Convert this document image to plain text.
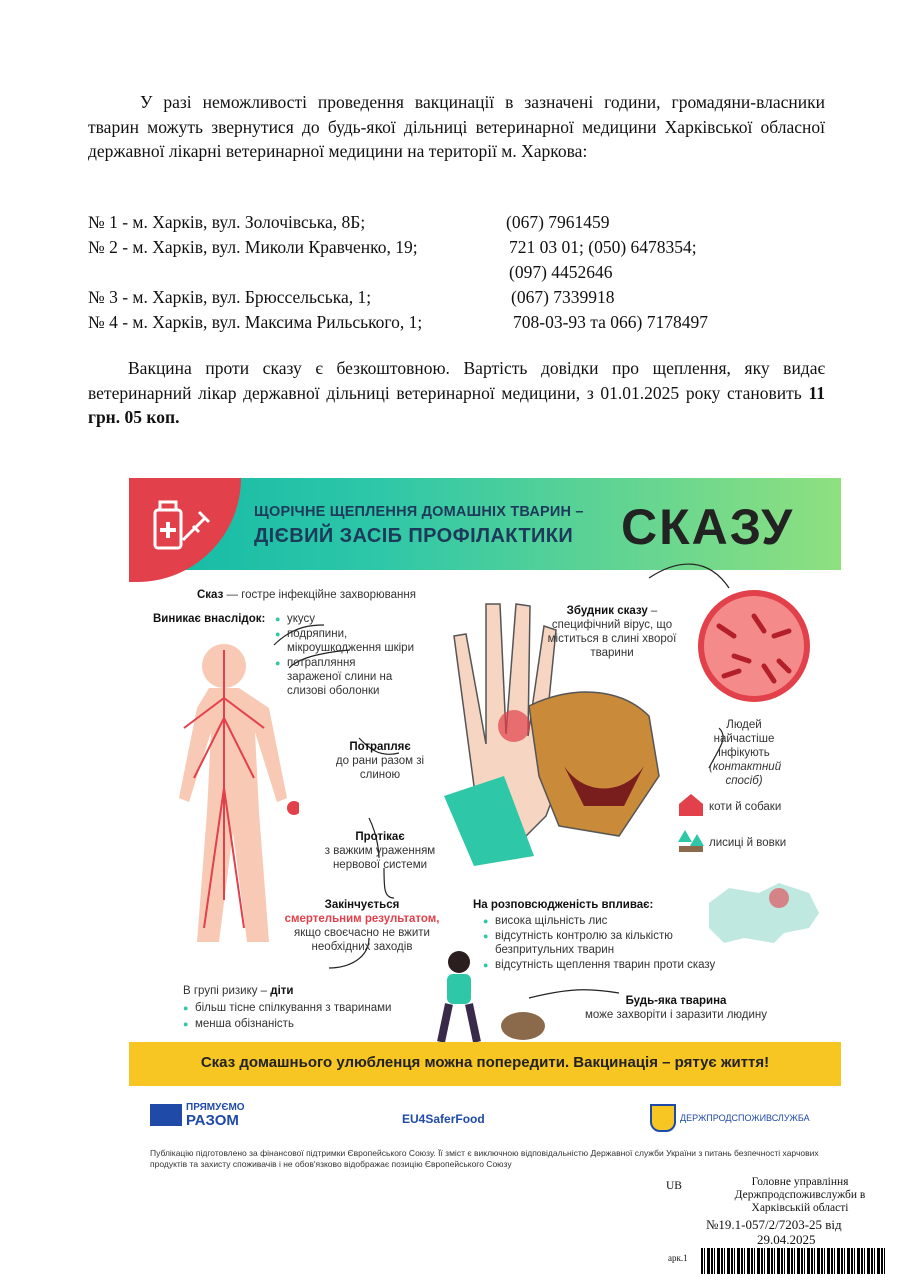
У разі неможливості проведення вакцинації в зазначені години, громадяни-власники тварин можуть звернутися до будь-якої дільниці ветеринарної медицини Харківської обласної державної лікарні ветеринарної медицини на території м. Харкова:
№ 1 - м. Харків, вул. Золочівська, 8Б;	(067) 7961459
№ 2 - м. Харків, вул. Миколи Кравченко, 19;	721 03 01; (050) 6478354;
(097) 4452646
№ 3 - м. Харків, вул. Брюссельська, 1;	(067) 7339918
№ 4 - м. Харків, вул. Максима Рильського, 1;	708-03-93 та 066) 7178497
Вакцина проти сказу є безкоштовною. Вартість довідки про щеплення, яку видає ветеринарний лікар державної дільниці ветеринарної медицини, з 01.01.2025 року становить 11 грн. 05 коп.
ЩОРІЧНЕ ЩЕПЛЕННЯ ДОМАШНІХ ТВАРИН –
ДІЄВИЙ ЗАСІБ ПРОФІЛАКТИКИ СКАЗУ
Сказ — гостре інфекційне захворювання
Виникає внаслідок:
● укусу
● подряпини, мікроушкодження шкіри
● потрапляння зараженої слини на слизові оболонки
Збудник сказу – специфічний вірус, що міститься в слині хворої тварини
Потрапляє
до рани разом зі слиною
Протікає
з важким ураженням нервової системи
Закінчується
смертельним результатом,
якщо своєчасно не вжити необхідних заходів
Людей найчастіше інфікують
(контактний спосіб)
коти й собаки
лисиці й вовки
На розповсюдженість впливає:
● висока щільність лис
● відсутність контролю за кількістю безпритульних тварин
● відсутність щеплення тварин проти сказу
В групі ризику – діти
● більш тісне спілкування з тваринами
● менша обізнаність
Будь-яка тварина
може захворіти і заразити людину
Сказ домашнього улюбленця можна попередити. Вакцинація – рятує життя!
ПРЯМУЄМО
РАЗОМ	EU4SaferFood	ДЕРЖПРОДСПОЖИВСЛУЖБА
Публікацію підготовлено за фінансової підтримки Європейського Союзу. Її зміст є виключною відповідальністю Державної служби України з питань безпечності харчових продуктів та захисту споживачів і не обов'язково відображає позицію Європейського Союзу
UB	Головне управління
Держпродспоживслужби в
Харківській області
№19.1-057/2/7203-25 від
29.04.2025
арк.1
